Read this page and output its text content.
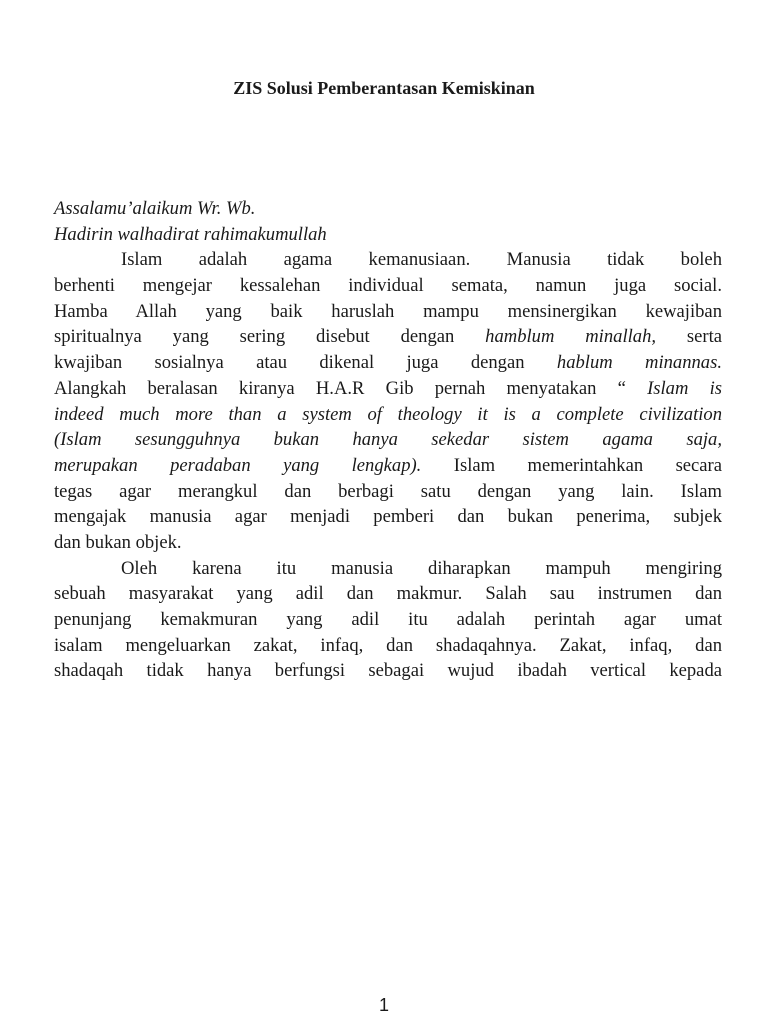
ZIS Solusi Pemberantasan Kemiskinan
Assalamu’alaikum Wr. Wb.
Hadirin walhadirat rahimakumullah
Islam adalah agama kemanusiaan. Manusia tidak boleh
berhenti mengejar kessalehan individual semata, namun juga social.
Hamba Allah yang baik haruslah mampu mensinergikan kewajiban
spiritualnya yang sering disebut dengan hamblum minallah, serta
kwajiban sosialnya atau dikenal juga dengan hablum minannas.
Alangkah beralasan kiranya H.A.R Gib pernah menyatakan “ Islam is
indeed much more than a system of theology it is a complete civilization
(Islam sesungguhnya bukan hanya sekedar sistem agama saja,
merupakan peradaban yang lengkap). Islam memerintahkan secara
tegas agar merangkul dan berbagi satu dengan yang lain. Islam
mengajak manusia agar menjadi pemberi dan bukan penerima, subjek
dan bukan objek.
Oleh karena itu manusia diharapkan mampuh mengiring
sebuah masyarakat yang adil dan makmur. Salah sau instrumen dan
penunjang kemakmuran yang adil itu adalah perintah agar umat
isalam mengeluarkan zakat, infaq, dan shadaqahnya. Zakat, infaq, dan
shadaqah tidak hanya berfungsi sebagai wujud ibadah vertical kepada
1
